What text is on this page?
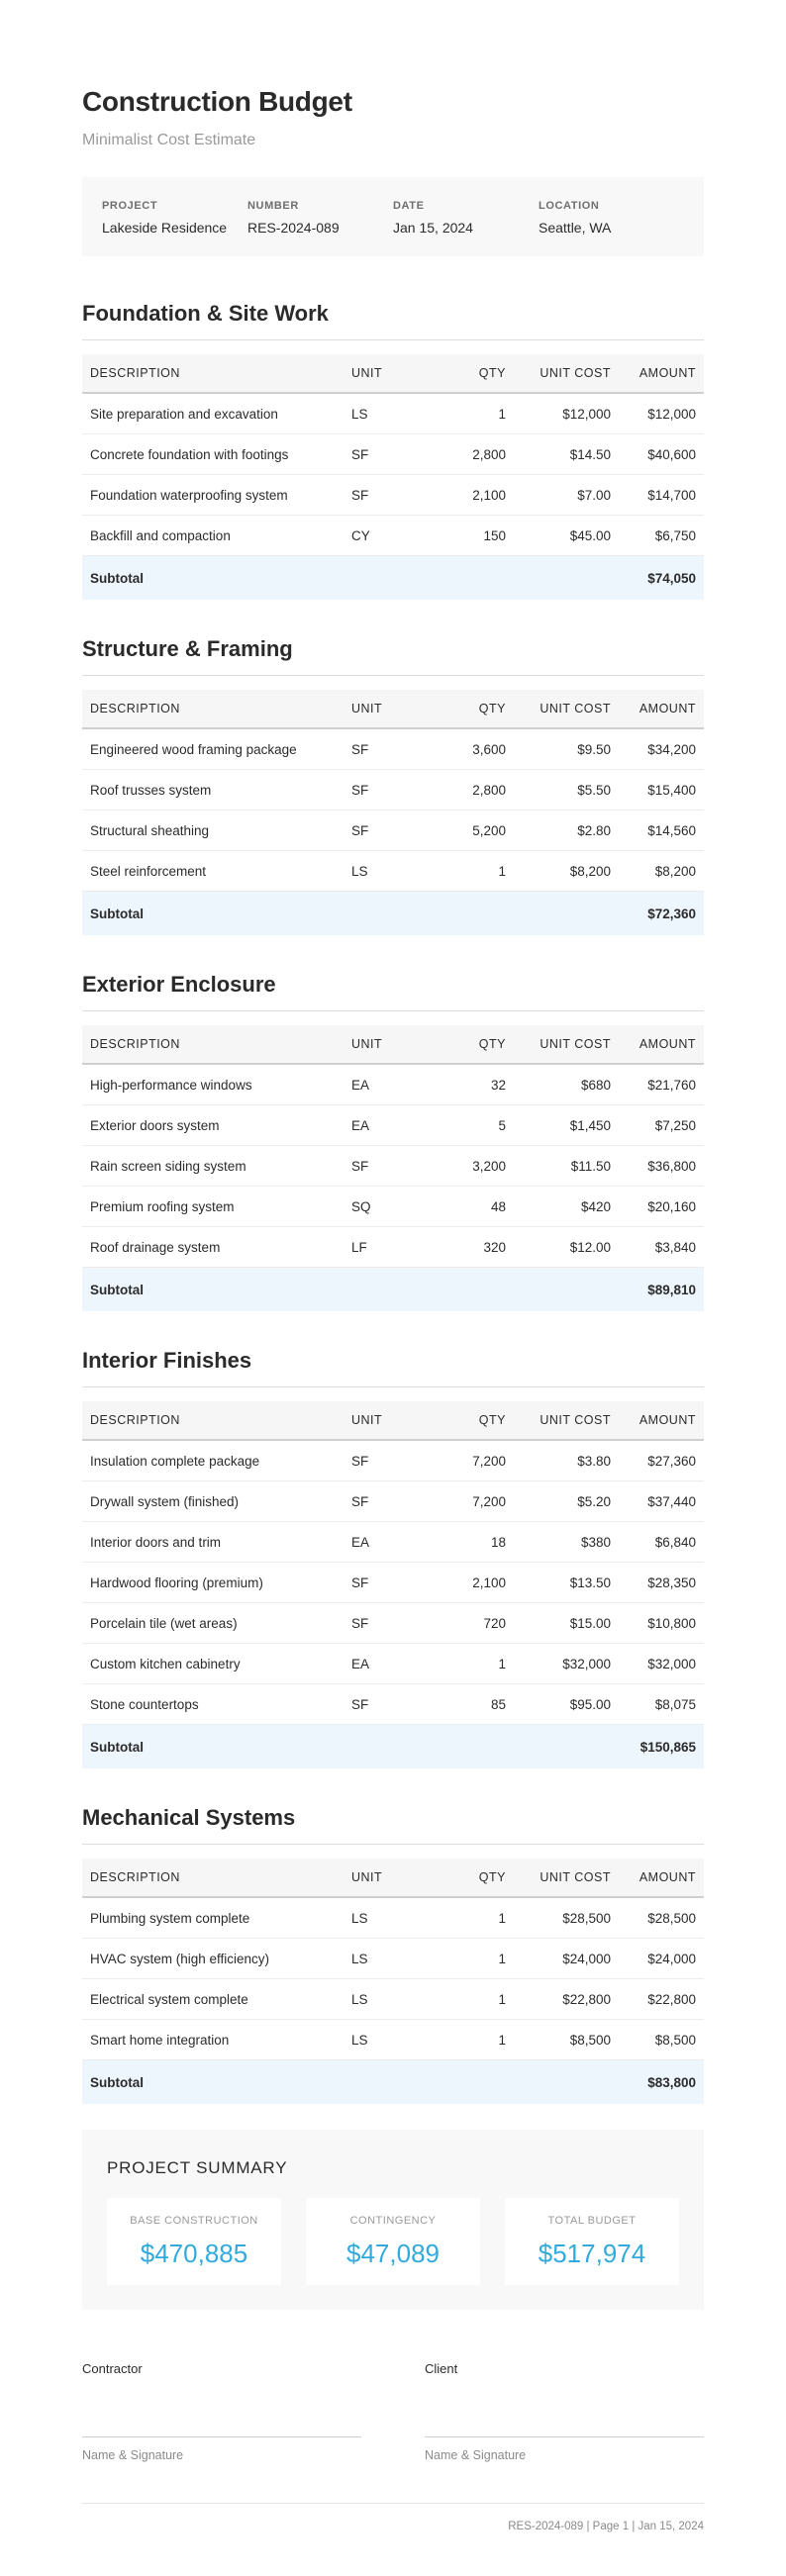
Construction Budget
Minimalist Cost Estimate
PROJECT
Lakeside Residence
NUMBER
RES-2024-089
DATE
Jan 15, 2024
LOCATION
Seattle, WA
Foundation & Site Work
DESCRIPTION	UNIT	QTY	UNIT COST	AMOUNT
Site preparation and excavation	LS	1	$12,000	$12,000
Concrete foundation with footings	SF	2,800	$14.50	$40,600
Foundation waterproofing system	SF	2,100	$7.00	$14,700
Backfill and compaction	CY	150	$45.00	$6,750
Subtotal				$74,050
Structure & Framing
DESCRIPTION	UNIT	QTY	UNIT COST	AMOUNT
Engineered wood framing package	SF	3,600	$9.50	$34,200
Roof trusses system	SF	2,800	$5.50	$15,400
Structural sheathing	SF	5,200	$2.80	$14,560
Steel reinforcement	LS	1	$8,200	$8,200
Subtotal				$72,360
Exterior Enclosure
DESCRIPTION	UNIT	QTY	UNIT COST	AMOUNT
High-performance windows	EA	32	$680	$21,760
Exterior doors system	EA	5	$1,450	$7,250
Rain screen siding system	SF	3,200	$11.50	$36,800
Premium roofing system	SQ	48	$420	$20,160
Roof drainage system	LF	320	$12.00	$3,840
Subtotal				$89,810
Interior Finishes
DESCRIPTION	UNIT	QTY	UNIT COST	AMOUNT
Insulation complete package	SF	7,200	$3.80	$27,360
Drywall system (finished)	SF	7,200	$5.20	$37,440
Interior doors and trim	EA	18	$380	$6,840
Hardwood flooring (premium)	SF	2,100	$13.50	$28,350
Porcelain tile (wet areas)	SF	720	$15.00	$10,800
Custom kitchen cabinetry	EA	1	$32,000	$32,000
Stone countertops	SF	85	$95.00	$8,075
Subtotal				$150,865
Mechanical Systems
DESCRIPTION	UNIT	QTY	UNIT COST	AMOUNT
Plumbing system complete	LS	1	$28,500	$28,500
HVAC system (high efficiency)	LS	1	$24,000	$24,000
Electrical system complete	LS	1	$22,800	$22,800
Smart home integration	LS	1	$8,500	$8,500
Subtotal				$83,800
PROJECT SUMMARY
BASE CONSTRUCTION
$470,885
CONTINGENCY
$47,089
TOTAL BUDGET
$517,974
Contractor
Name & Signature
Client
Name & Signature
RES-2024-089 | Page 1 | Jan 15, 2024
